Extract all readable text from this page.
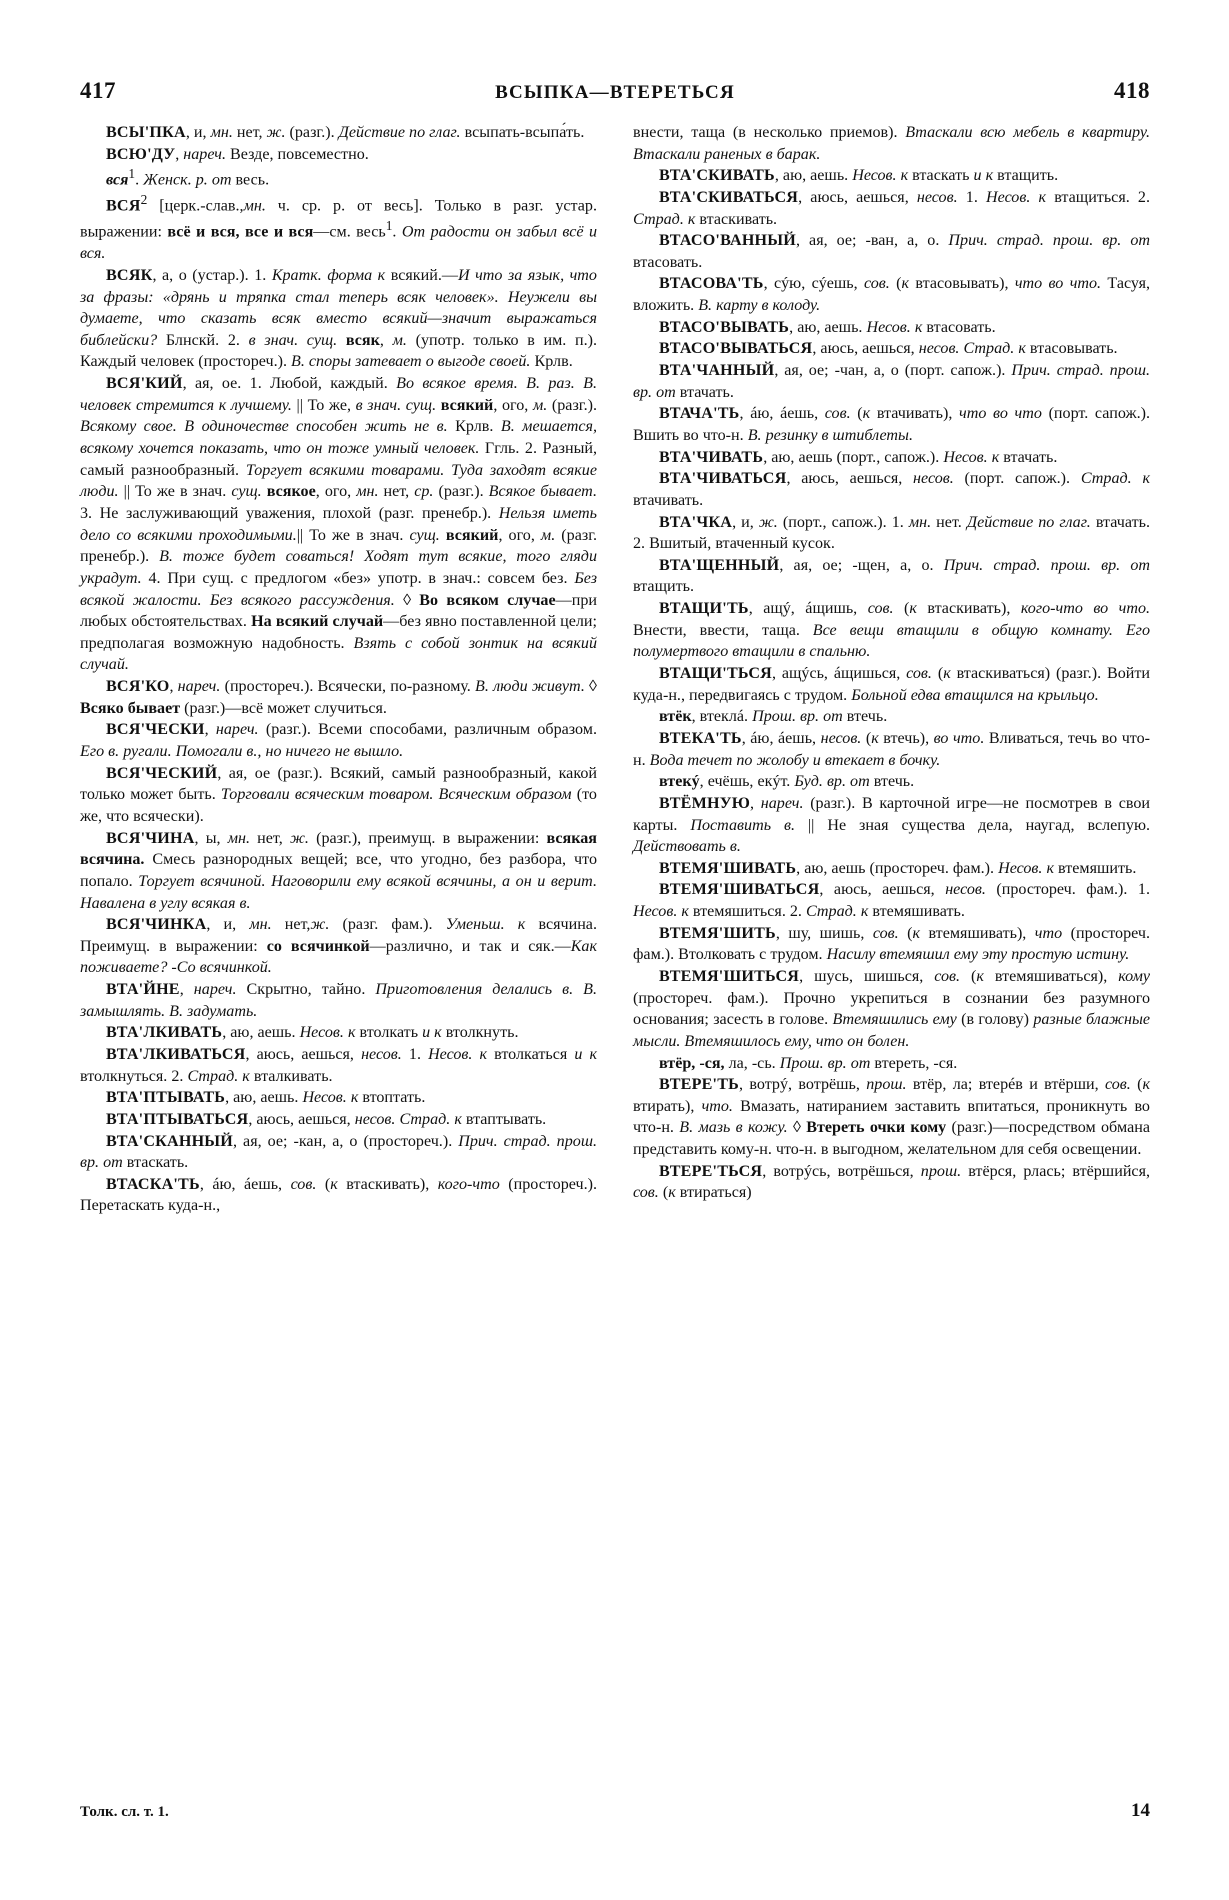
417	ВСЫПКА—ВТЕРЕТЬСЯ	418

ВСЫ'ПКА, и, мн. нет, ж. (разг.). Действие по глаг. всыпать-всыпа́ть.

ВСЮ'ДУ, нареч. Везде, повсеместно.

вся$^1$. Женск. р. от весь.

ВСЯ$^2$ [церк.-слав.,мн. ч. ср. р. от весь]. Только в разг. устар. выражении: всё и вся, все и вся—см. весь$^1$. От радости он забыл всё и вся.

ВСЯК, а, о (устар.). 1. Кратк. форма к всякий.—И что за язык, что за фразы: «дрянь и тряпка стал теперь всяк человек». Неужели вы думаете, что сказать всяк вместо всякий—значит выражаться библейски? Блнскй. 2. в знач. сущ. всяк, м. (употр. только в им. п.). Каждый человек (простореч.). В. споры затевает о выгоде своей. Крлв.

ВСЯ'КИЙ, ая, ое. 1. Любой, каждый. Во всякое время. В. раз. В. человек стремится к лучшему. || То же, в знач. сущ. всякий, ого, м. (разг.). Всякому свое. В одиночестве способен жить не в. Крлв. В. мешается, всякому хочется показать, что он тоже умный человек. Ггль. 2. Разный, самый разнообразный. Торгует всякими товарами. Туда заходят всякие люди. || То же в знач. сущ. всякое, ого, мн. нет, ср. (разг.). Всякое бывает. 3. Не заслуживающий уважения, плохой (разг. пренебр.). Нельзя иметь дело со всякими проходимыми.|| То же в знач. сущ. всякий, ого, м. (разг. пренебр.). В. тоже будет соваться! Ходят тут всякие, того гляди украдут. 4. При сущ. с предлогом «без» употр. в знач.: совсем без. Без всякой жалости. Без всякого рассуждения. ◊ Во всяком случае—при любых обстоятельствах. На всякий случай—без явно поставленной цели; предполагая возможную надобность. Взять с собой зонтик на всякий случай.

ВСЯ'КО, нареч. (простореч.). Всячески, по-разному. В. люди живут. ◊ Всяко бывает (разг.)—всё может случиться.

ВСЯ'ЧЕСКИ, нареч. (разг.). Всеми способами, различным образом. Его в. ругали. Помогали в., но ничего не вышло.

ВСЯ'ЧЕСКИЙ, ая, ое (разг.). Всякий, самый разнообразный, какой только может быть. Торговали всяческим товаром. Всяческим образом (то же, что всячески).

ВСЯ'ЧИНА, ы, мн. нет, ж. (разг.), преимущ. в выражении: всякая всячина. Смесь разнородных вещей; все, что угодно, без разбора, что попало. Торгует всячиной. Наговорили ему всякой всячины, а он и верит. Навалена в углу всякая в.

ВСЯ'ЧИНКА, и, мн. нет,ж. (разг. фам.). Уменьш. к всячина. Преимущ. в выражении: со всячинкой—различно, и так и сяк.—Как поживаете? -Со всячинкой.

ВТА'ЙНЕ, нареч. Скрытно, тайно. Приготовления делались в. В. замышлять. В. задумать.

ВТА'ЛКИВАТЬ, аю, аешь. Несов. к втолкать и к втолкнуть.

ВТА'ЛКИВАТЬСЯ, аюсь, аешься, несов. 1. Несов. к втолкаться и к втолкнуться. 2. Страд. к вталкивать.

ВТА'ПТЫВАТЬ, аю, аешь. Несов. к втоптать.

ВТА'ПТЫВАТЬСЯ, аюсь, аешься, несов. Страд. к втаптывать.

ВТА'СКАННЫЙ, ая, ое; -кан, а, о (простореч.). Прич. страд. прош. вр. от втаскать.

ВТАСКА'ТЬ, áю, áешь, сов. (к втаскивать), кого-что (простореч.). Перетаскать куда-н.,

внести, таща (в несколько приемов). Втаскали всю мебель в квартиру. Втаскали раненых в барак.

ВТА'СКИВАТЬ, аю, аешь. Несов. к втаскать и к втащить.

ВТА'СКИВАТЬСЯ, аюсь, аешься, несов. 1. Несов. к втащиться. 2. Страд. к втаскивать.

ВТАСО'ВАННЫЙ, ая, ое; -ван, а, о. Прич. страд. прош. вр. от втасовать.

ВТАСОВА'ТЬ, сýю, сýешь, сов. (к втасовывать), что во что. Тасуя, вложить. В. карту в колоду.

ВТАСО'ВЫВАТЬ, аю, аешь. Несов. к втасовать.

ВТАСО'ВЫВАТЬСЯ, аюсь, аешься, несов. Страд. к втасовывать.

ВТА'ЧАННЫЙ, ая, ое; -чан, а, о (порт. сапож.). Прич. страд. прош. вр. от втачать.

ВТАЧА'ТЬ, áю, áешь, сов. (к втачивать), что во что (порт. сапож.). Вшить во что-н. В. резинку в штиблеты.

ВТА'ЧИВАТЬ, аю, аешь (порт., сапож.). Несов. к втачать.

ВТА'ЧИВАТЬСЯ, аюсь, аешься, несов. (порт. сапож.). Страд. к втачивать.

ВТА'ЧКА, и, ж. (порт., сапож.). 1. мн. нет. Действие по глаг. втачать. 2. Вшитый, втаченный кусок.

ВТА'ЩЕННЫЙ, ая, ое; -щен, а, о. Прич. страд. прош. вр. от втащить.

ВТАЩИ'ТЬ, ащý, áщишь, сов. (к втаскивать), кого-что во что. Внести, ввести, таща. Все вещи втащили в общую комнату. Его полумертвого втащили в спальню.

ВТАЩИ'ТЬСЯ, ащýсь, áщишься, сов. (к втаскиваться) (разг.). Войти куда-н., передвигаясь с трудом. Больной едва втащился на крыльцо.

втёк, втеклá. Прош. вр. от втечь.

ВТЕКА'ТЬ, áю, áешь, несов. (к втечь), во что. Вливаться, течь во что-н. Вода течет по жолобу и втекает в бочку.

втекý, ечёшь, екýт. Буд. вр. от втечь.

ВТЁМНУЮ, нареч. (разг.). В карточной игре—не посмотрев в свои карты. Поставить в. || Не зная существа дела, наугад, вслепую. Действовать в.

ВТЕМЯ'ШИВАТЬ, аю, аешь (простореч. фам.). Несов. к втемяшить.

ВТЕМЯ'ШИВАТЬСЯ, аюсь, аешься, несов. (простореч. фам.). 1. Несов. к втемяшиться. 2. Страд. к втемяшивать.

ВТЕМЯ'ШИТЬ, шу, шишь, сов. (к втемяшивать), что (простореч. фам.). Втолковать с трудом. Насилу втемяшил ему эту простую истину.

ВТЕМЯ'ШИТЬСЯ, шусь, шишься, сов. (к втемяшиваться), кому (простореч. фам.). Прочно укрепиться в сознании без разумного основания; засесть в голове. Втемяшились ему (в голову) разные блажные мысли. Втемяшилось ему, что он болен.

втёр, -ся, ла, -сь. Прош. вр. от втереть, -ся.

ВТЕРЕ'ТЬ, вотрý, вотрёшь, прош. втёр, ла; втерéв и втёрши, сов. (к втирать), что. Вмазать, натиранием заставить впитаться, проникнуть во что-н. В. мазь в кожу. ◊ Втереть очки кому (разг.)—посредством обмана представить кому-н. что-н. в выгодном, желательном для себя освещении.

ВТЕРЕ'ТЬСЯ, вотрýсь, вотрёшься, прош. втёрся, рлась; втёршийся, сов. (к втираться)

Толк. сл. т. 1.	14
